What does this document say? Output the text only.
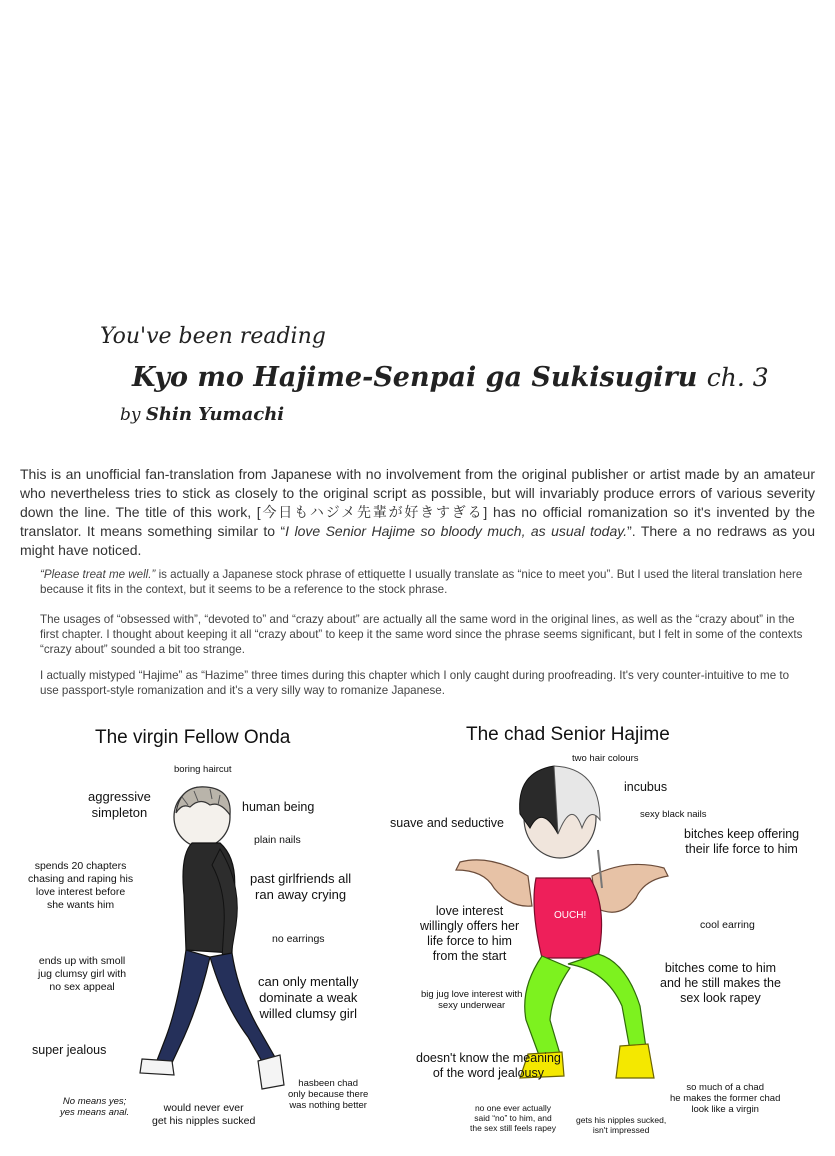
You've been reading
Kyo mo Hajime-Senpai ga Sukisugiru ch. 3
by Shin Yumachi
This is an unofficial fan-translation from Japanese with no involvement from the original publisher or artist made by an amateur who nevertheless tries to stick as closely to the original script as possible, but will invariably produce errors of various severity down the line. The title of this work, [今日もハジメ先輩が好きすぎる] has no official romanization so it's invented by the translator. It means something similar to “I love Senior Hajime so bloody much, as usual today.”. There a no redraws as you might have noticed.
“Please treat me well.” is actually a Japanese stock phrase of ettiquette I usually translate as “nice to meet you”. But I used the literal translation here because it fits in the context, but it seems to be a reference to the stock phrase.
The usages of “obsessed with”, “devoted to” and “crazy about” are actually all the same word in the original lines, as well as the “crazy about” in the first chapter. I thought about keeping it all “crazy about” to keep it the same word since the phrase seems significant, but I felt in some of the contexts “crazy about” sounded a bit too strange.
I actually mistyped “Hajime” as “Hazime” three times during this chapter which I only caught during proofreading. It's very counter-intuitive to me to use passport-style romanization and it's a very silly way to romanize Japanese.
The virgin Fellow Onda	The chad Senior Hajime
OUCH!
boring haircut
aggressive
simpleton	human being
plain nails
spends 20 chapters
chasing and raping his
love interest before
she wants him
past girlfriends all
ran away crying
no earrings
ends up with smoll
jug clumsy girl with
no sex appeal	can only mentally
dominate a weak
willed clumsy girl
super jealous
No means yes;
yes means anal.	would never ever
get his nipples sucked
hasbeen chad
only because there
was nothing better
two hair colours
incubus
sexy black nails
suave and seductive
bitches keep offering
their life force to him
love interest
willingly offers her
life force to him
from the start
cool earring
bitches come to him
and he still makes the
sex look rapey
big jug love interest with
sexy underwear
doesn't know the meaning
of the word jealousy
so much of a chad
he makes the former chad
look like a virgin
no one ever actually
said “no” to him, and
the sex still feels rapey
gets his nipples sucked,
isn't impressed
